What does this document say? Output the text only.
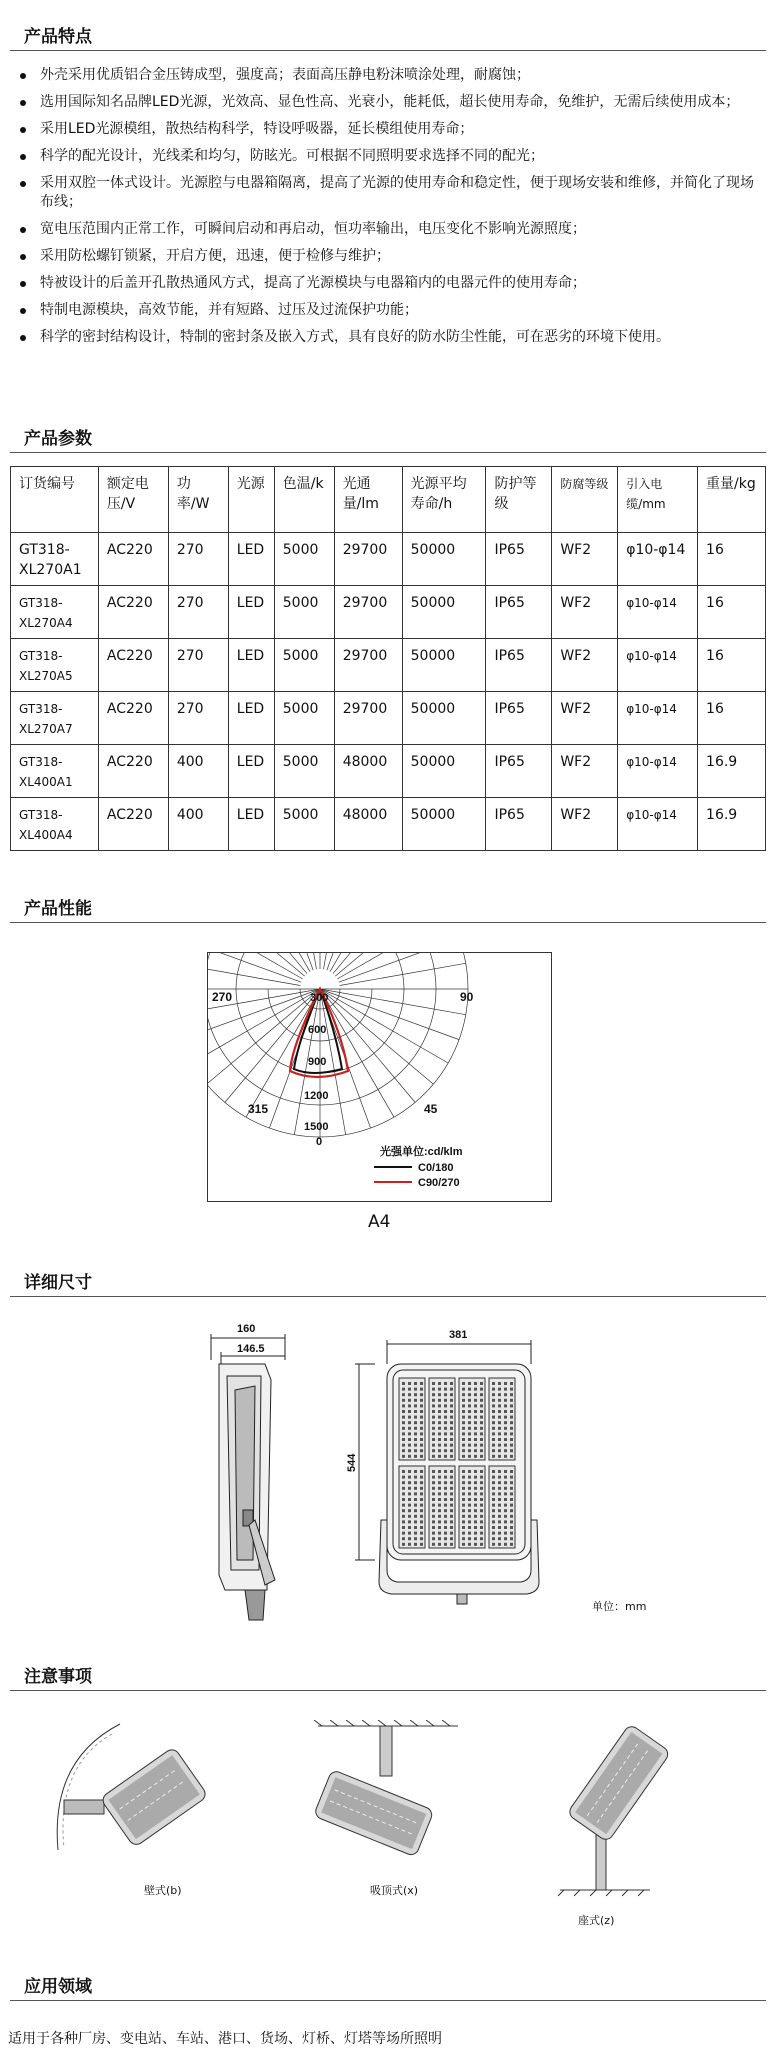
产品特点
外壳采用优质铝合金压铸成型，强度高；表面高压静电粉沫喷涂处理，耐腐蚀；
选用国际知名品牌LED光源，光效高、显色性高、光衰小，能耗低，超长使用寿命，免维护，无需后续使用成本；
采用LED光源模组，散热结构科学，特设呼吸器，延长模组使用寿命；
科学的配光设计，光线柔和均匀，防眩光。可根据不同照明要求选择不同的配光；
采用双腔一体式设计。光源腔与电器箱隔离，提高了光源的使用寿命和稳定性，便于现场安装和维修，并简化了现场布线；
宽电压范围内正常工作，可瞬间启动和再启动，恒功率输出，电压变化不影响光源照度；
采用防松螺钉锁紧，开启方便，迅速，便于检修与维护；
特被设计的后盖开孔散热通风方式，提高了光源模块与电器箱内的电器元件的使用寿命；
特制电源模块，高效节能，并有短路、过压及过流保护功能；
科学的密封结构设计，特制的密封条及嵌入方式，具有良好的防水防尘性能，可在恶劣的环境下使用。
产品参数
订货编号	额定电压/V	功率/W	光源	色温/k	光通量/lm	光源平均寿命/h	防护等级	防腐等级	引入电缆/mm	重量/kg
GT318-XL270A1	AC220	270	LED	5000	29700	50000	IP65	WF2	φ10-φ14	16
GT318-XL270A4	AC220	270	LED	5000	29700	50000	IP65	WF2	φ10-φ14	16
GT318-XL270A5	AC220	270	LED	5000	29700	50000	IP65	WF2	φ10-φ14	16
GT318-XL270A7	AC220	270	LED	5000	29700	50000	IP65	WF2	φ10-φ14	16
GT318-XL400A1	AC220	400	LED	5000	48000	50000	IP65	WF2	φ10-φ14	16.9
GT318-XL400A4	AC220	400	LED	5000	48000	50000	IP65	WF2	φ10-φ14	16.9
产品性能
270	90
315	45
300
600
900
1200
1500
0
光强单位:cd/klm
C0/180
C90/270
A4
详细尺寸
160
146.5
381
544
单位：mm
注意事项
壁式(b)	吸顶式(x)
座式(z)
应用领域
适用于各种厂房、变电站、车站、港口、货场、灯桥、灯塔等场所照明
